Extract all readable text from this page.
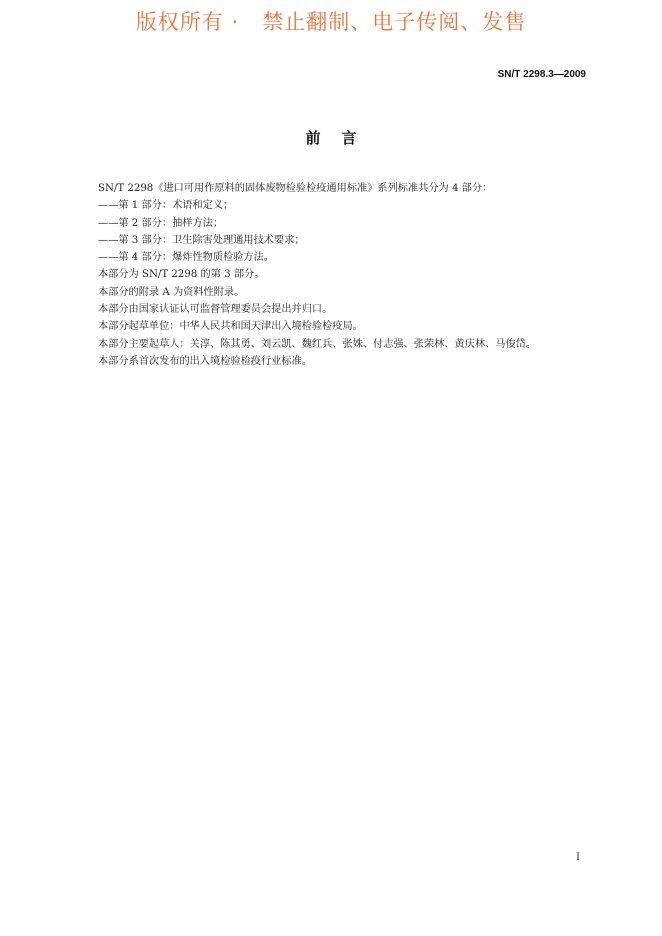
版权所有 ·   禁止翻制、电子传阅、发售
SN/T 2298.3—2009
前    言

SN/T 2298《进口可用作原料的固体废物检验检疫通用标准》系列标准共分为 4 部分：

——第 1 部分：术语和定义；

——第 2 部分：抽样方法；

——第 3 部分：卫生除害处理通用技术要求；

——第 4 部分：爆炸性物质检验方法。

本部分为 SN/T 2298 的第 3 部分。

本部分的附录 A 为资料性附录。

本部分由国家认证认可监督管理委员会提出并归口。

本部分起草单位：中华人民共和国天津出入境检验检疫局。

本部分主要起草人：关淳、陈其勇、刘云凯、魏红兵、张姝、付志强、张荣林、黄庆林、马俊岱。

本部分系首次发布的出入境检验检疫行业标准。

I
